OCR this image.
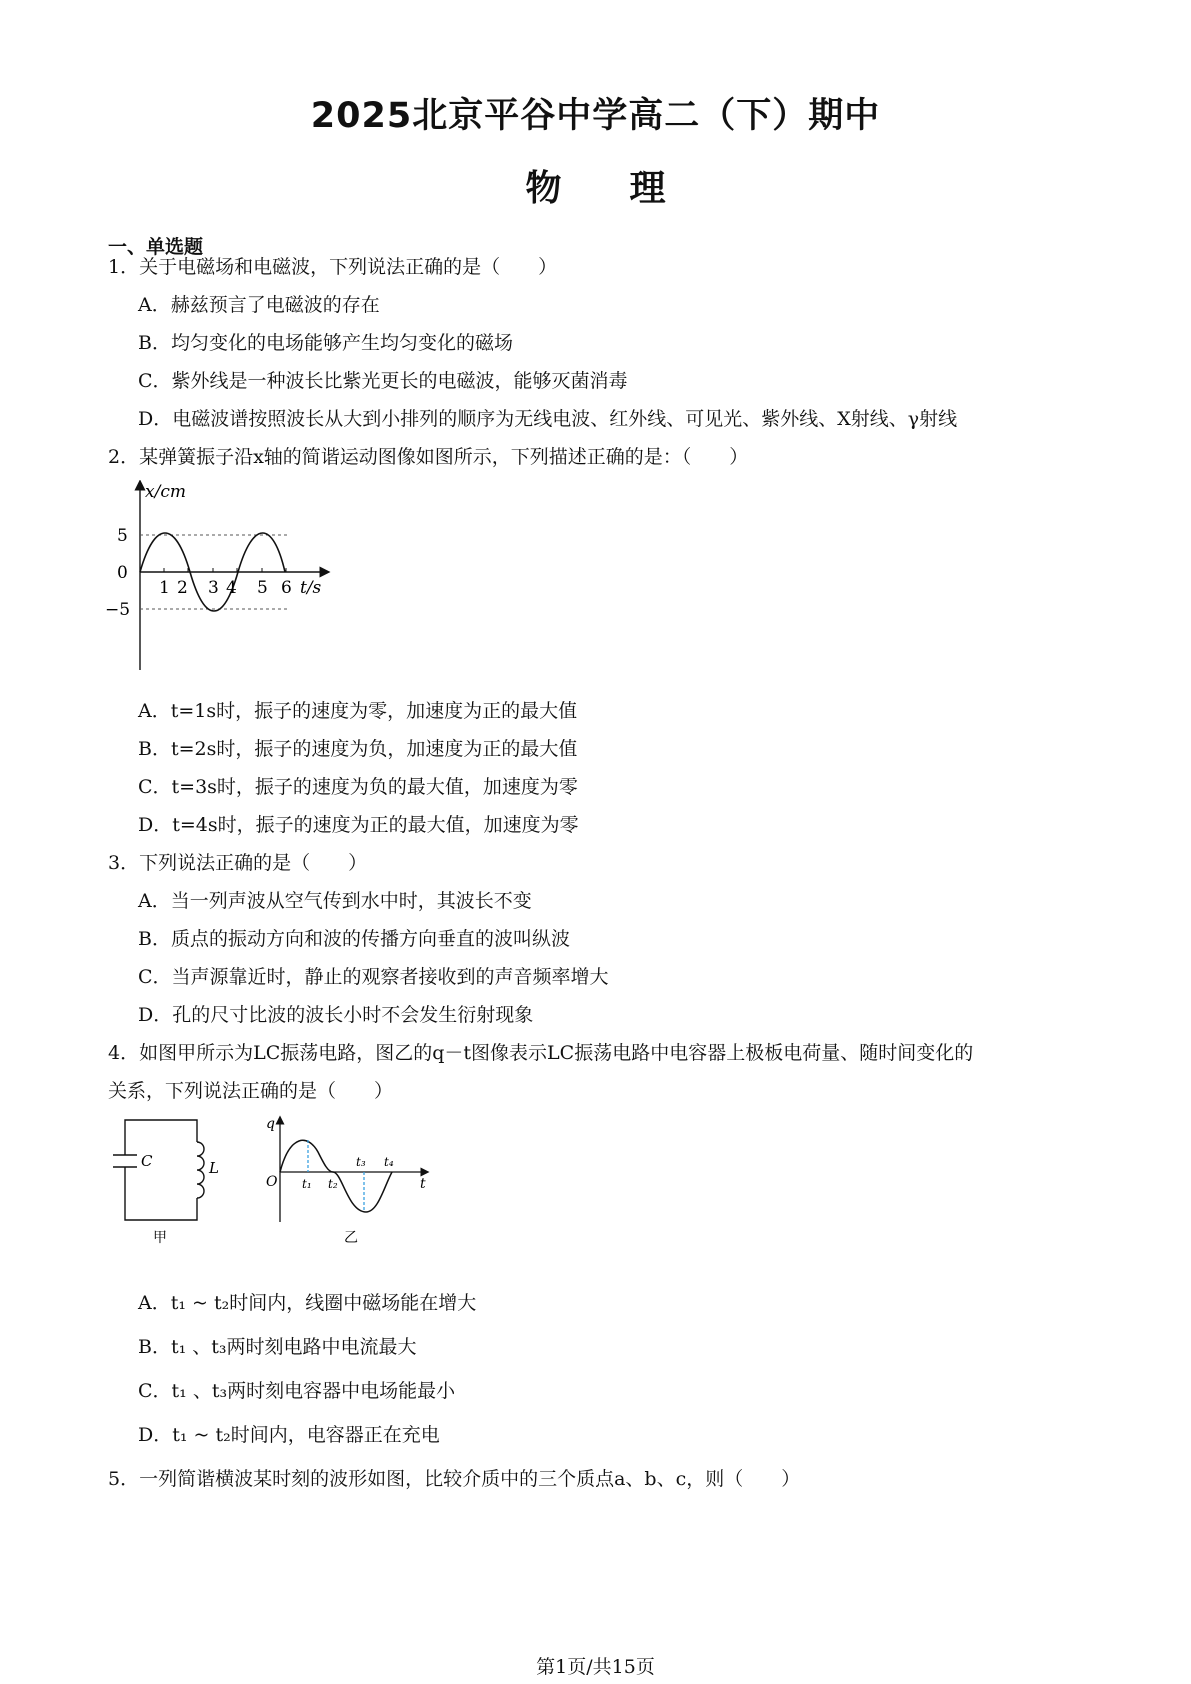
2025北京平谷中学高二（下）期中
物 理
一、单选题
1．关于电磁场和电磁波，下列说法正确的是（　　）
A．赫兹预言了电磁波的存在
B．均匀变化的电场能够产生均匀变化的磁场
C．紫外线是一种波长比紫光更长的电磁波，能够灭菌消毒
D．电磁波谱按照波长从大到小排列的顺序为无线电波、红外线、可见光、紫外线、X射线、γ射线
2．某弹簧振子沿x轴的简谐运动图像如图所示，下列描述正确的是：（　　）
x/cm
5
0
−5
1 2 3 4 5 6 t/s
A．t=1s时，振子的速度为零，加速度为正的最大值
B．t=2s时，振子的速度为负，加速度为正的最大值
C．t=3s时，振子的速度为负的最大值，加速度为零
D．t=4s时，振子的速度为正的最大值，加速度为零
3．下列说法正确的是（　　）
A．当一列声波从空气传到水中时，其波长不变
B．质点的振动方向和波的传播方向垂直的波叫纵波
C．当声源靠近时，静止的观察者接收到的声音频率增大
D．孔的尺寸比波的波长小时不会发生衍射现象
4．如图甲所示为LC振荡电路，图乙的q－t图像表示LC振荡电路中电容器上极板电荷量、随时间变化的
关系，下列说法正确的是（　　）
C	L
甲
q
O t₁ t₂
t₃ t₄
t
乙
A．t₁ ~ t₂时间内，线圈中磁场能在增大
B．t₁ 、t₃两时刻电路中电流最大
C．t₁ 、t₃两时刻电容器中电场能最小
D．t₁ ~ t₂时间内，电容器正在充电
5．一列简谐横波某时刻的波形如图，比较介质中的三个质点a、b、c，则（　　）
第1页/共15页
